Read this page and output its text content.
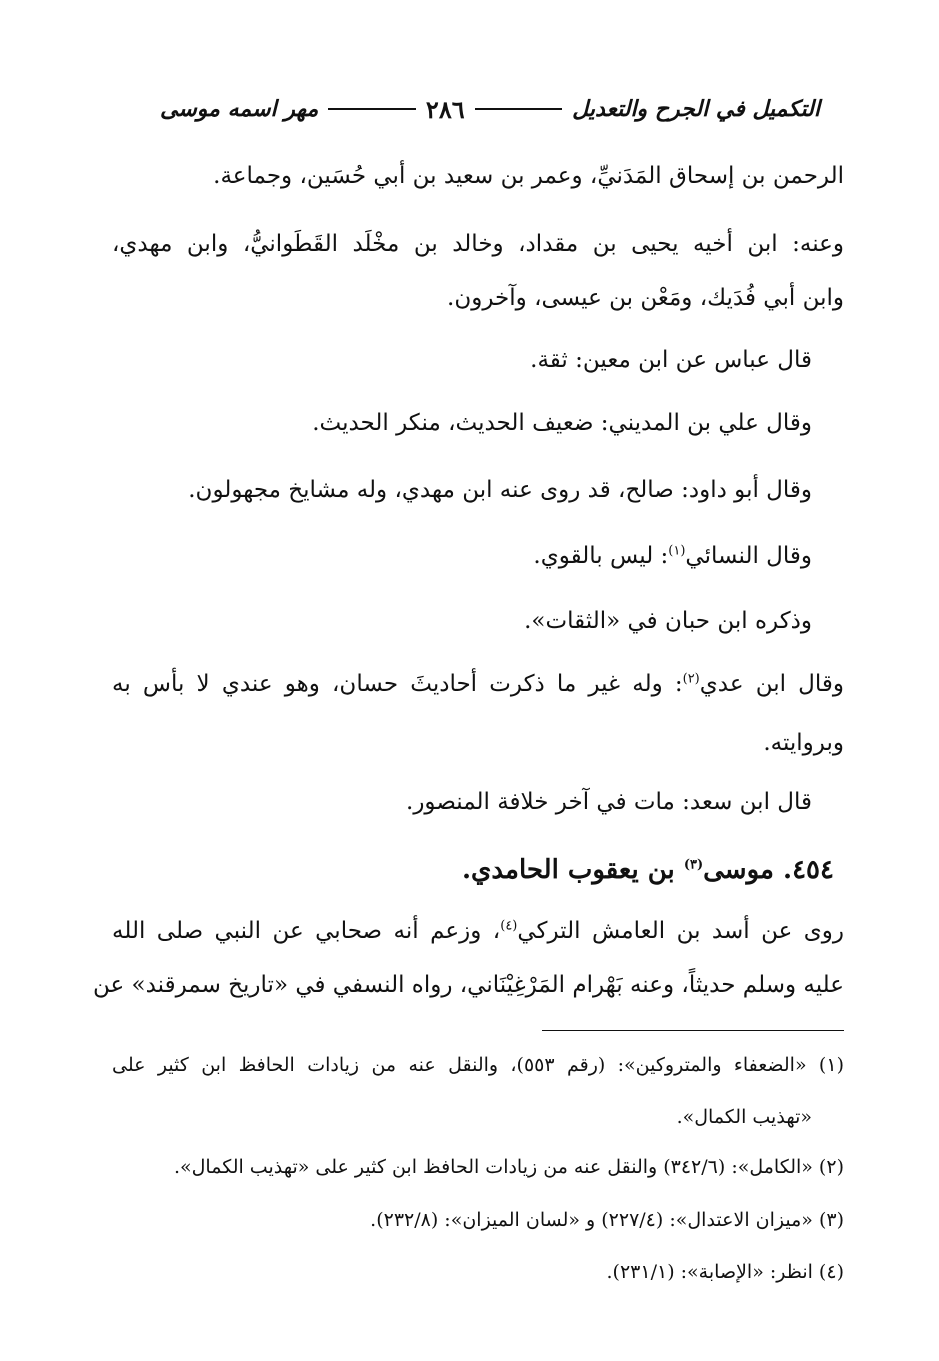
التكميل في الجرح والتعديل
٢٨٦
مهر اسمه موسى
الرحمن بن إسحاق المَدَنيِّ، وعمر بن سعيد بن أبي حُسَين، وجماعة.
وعنه: ابن أخيه يحيى بن مقداد، وخالد بن مخْلَد القَطَوانيُّ، وابن مهدي،
وابن أبي فُدَيك، ومَعْن بن عيسى، وآخرون.
قال عباس عن ابن معين: ثقة.
وقال علي بن المديني: ضعيف الحديث، منكر الحديث.
وقال أبو داود: صالح، قد روى عنه ابن مهدي، وله مشايخ مجهولون.
وقال النسائي$^{(١)}$: ليس بالقوي.
وذكره ابن حبان في «الثقات».
وقال ابن عدي$^{(٢)}$: وله غير ما ذكرت أحاديثَ حسان، وهو عندي لا بأس به
وبروايته.
قال ابن سعد: مات في آخر خلافة المنصور.
٤٥٤. موسى$^{(٣)}$ بن يعقوب الحامدي.
روى عن أسد بن العامش التركي$^{(٤)}$، وزعم أنه صحابي عن النبي صلى الله
عليه وسلم حديثاً، وعنه بَهْرام المَرْغِيْنَاني، رواه النسفي في «تاريخ سمرقند» عن
(١) «الضعفاء والمتروكين»: (رقم ٥٥٣)، والنقل عنه من زيادات الحافظ ابن كثير على
«تهذيب الكمال».
(٢) «الكامل»: (٣٤٢/٦) والنقل عنه من زيادات الحافظ ابن كثير على «تهذيب الكمال».
(٣) «ميزان الاعتدال»: (٢٢٧/٤) و «لسان الميزان»: (٢٣٢/٨).
(٤) انظر: «الإصابة»: (٢٣١/١).
